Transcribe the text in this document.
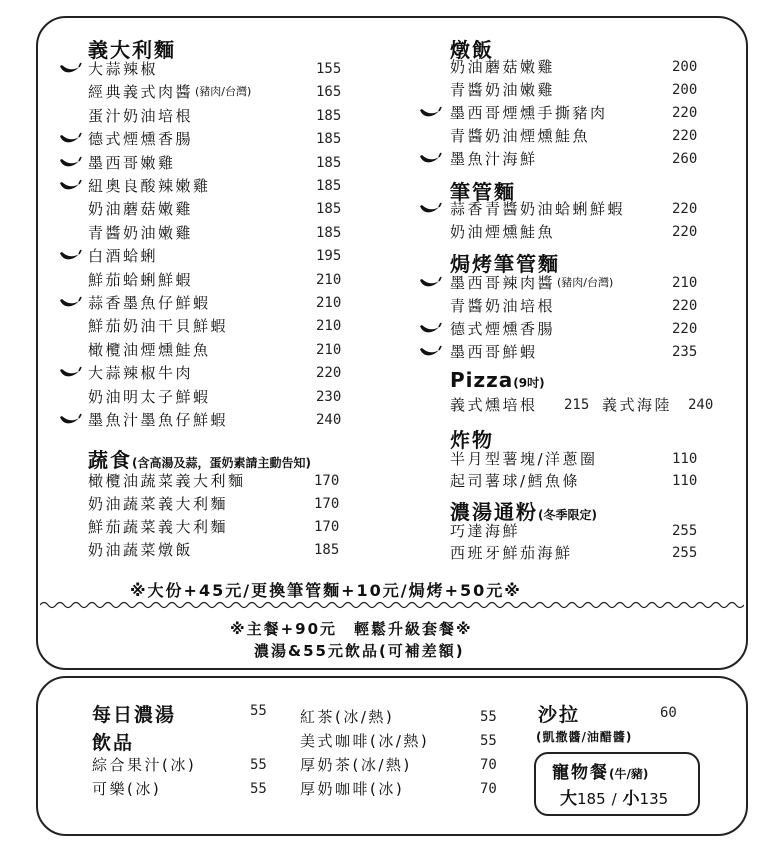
義大利麵
大蒜辣椒	155
經典義式肉醬 (豬肉/台灣)	165
蛋汁奶油培根	185
德式煙燻香腸	185
墨西哥嫩雞	185
紐奧良酸辣嫩雞	185
奶油蘑菇嫩雞	185
青醬奶油嫩雞	185
白酒蛤蜊	195
鮮茄蛤蜊鮮蝦	210
蒜香墨魚仔鮮蝦	210
鮮茄奶油干貝鮮蝦	210
橄欖油煙燻鮭魚	210
大蒜辣椒牛肉	220
奶油明太子鮮蝦	230
墨魚汁墨魚仔鮮蝦	240
蔬食(含高湯及蒜，蛋奶素請主動告知)
橄欖油蔬菜義大利麵	170
奶油蔬菜義大利麵	170
鮮茄蔬菜義大利麵	170
奶油蔬菜燉飯	185
燉飯
奶油蘑菇嫩雞	200
青醬奶油嫩雞	200
墨西哥煙燻手撕豬肉	220
青醬奶油煙燻鮭魚	220
墨魚汁海鮮	260
筆管麵
蒜香青醬奶油蛤蜊鮮蝦	220
奶油煙燻鮭魚	220
焗烤筆管麵
墨西哥辣肉醬 (豬肉/台灣)	210
青醬奶油培根	220
德式煙燻香腸	220
墨西哥鮮蝦	235
Pizza(9吋)
義式燻培根 215 義式海陸 240
炸物
半月型薯塊/洋蔥圈	110
起司薯球/鱈魚條	110
濃湯通粉(冬季限定)
巧達海鮮	255
西班牙鮮茄海鮮	255
※大份+45元/更換筆管麵+10元/焗烤+50元※
※主餐+90元　輕鬆升級套餐※
濃湯&55元飲品(可補差額)
每日濃湯	55
飲品
綜合果汁(冰)	55
可樂(冰)	55
紅茶(冰/熱)	55
美式咖啡(冰/熱)	55
厚奶茶(冰/熱)	70
厚奶咖啡(冰)	70
沙拉	60
(凱撒醬/油醋醬)
寵物餐(牛/豬)
大185 / 小135
